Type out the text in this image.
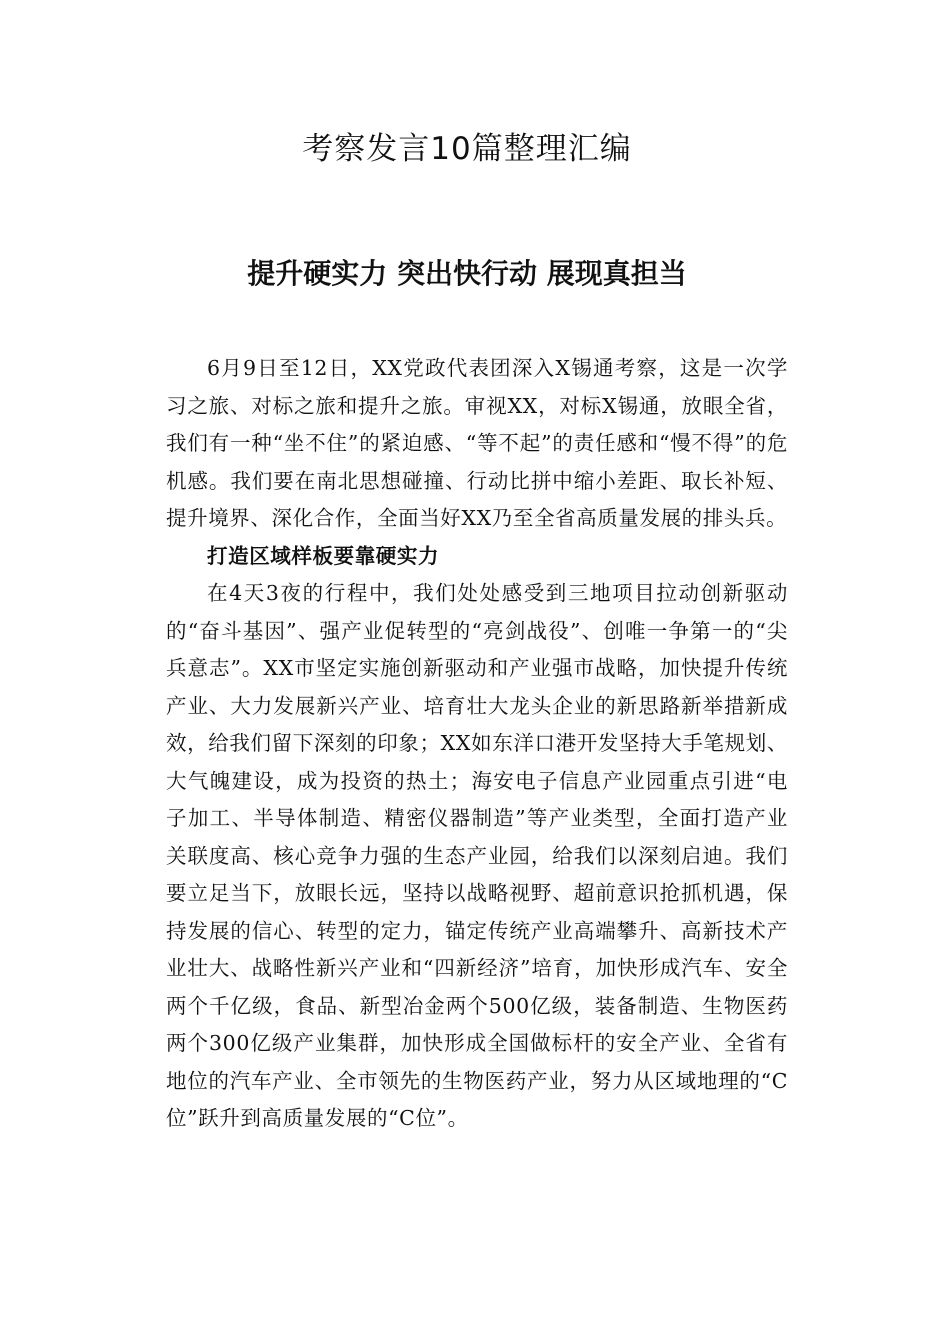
考察发言10篇整理汇编
提升硬实力 突出快行动 展现真担当

6月9日至12日，XX党政代表团深入X锡通考察，这是一次学习之旅、对标之旅和提升之旅。审视XX，对标X锡通，放眼全省，我们有一种“坐不住”的紧迫感、“等不起”的责任感和“慢不得”的危机感。我们要在南北思想碰撞、行动比拼中缩小差距、取长补短、提升境界、深化合作，全面当好XX乃至全省高质量发展的排头兵。

打造区域样板要靠硬实力

在4天3夜的行程中，我们处处感受到三地项目拉动创新驱动的“奋斗基因”、强产业促转型的“亮剑战役”、创唯一争第一的“尖兵意志”。XX市坚定实施创新驱动和产业强市战略，加快提升传统产业、大力发展新兴产业、培育壮大龙头企业的新思路新举措新成效，给我们留下深刻的印象；XX如东洋口港开发坚持大手笔规划、大气魄建设，成为投资的热土；海安电子信息产业园重点引进“电子加工、半导体制造、精密仪器制造”等产业类型，全面打造产业关联度高、核心竞争力强的生态产业园，给我们以深刻启迪。我们要立足当下，放眼长远，坚持以战略视野、超前意识抢抓机遇，保持发展的信心、转型的定力，锚定传统产业高端攀升、高新技术产业壮大、战略性新兴产业和“四新经济”培育，加快形成汽车、安全两个千亿级，食品、新型冶金两个500亿级，装备制造、生物医药两个300亿级产业集群，加快形成全国做标杆的安全产业、全省有地位的汽车产业、全市领先的生物医药产业，努力从区域地理的“C位”跃升到高质量发展的“C位”。
